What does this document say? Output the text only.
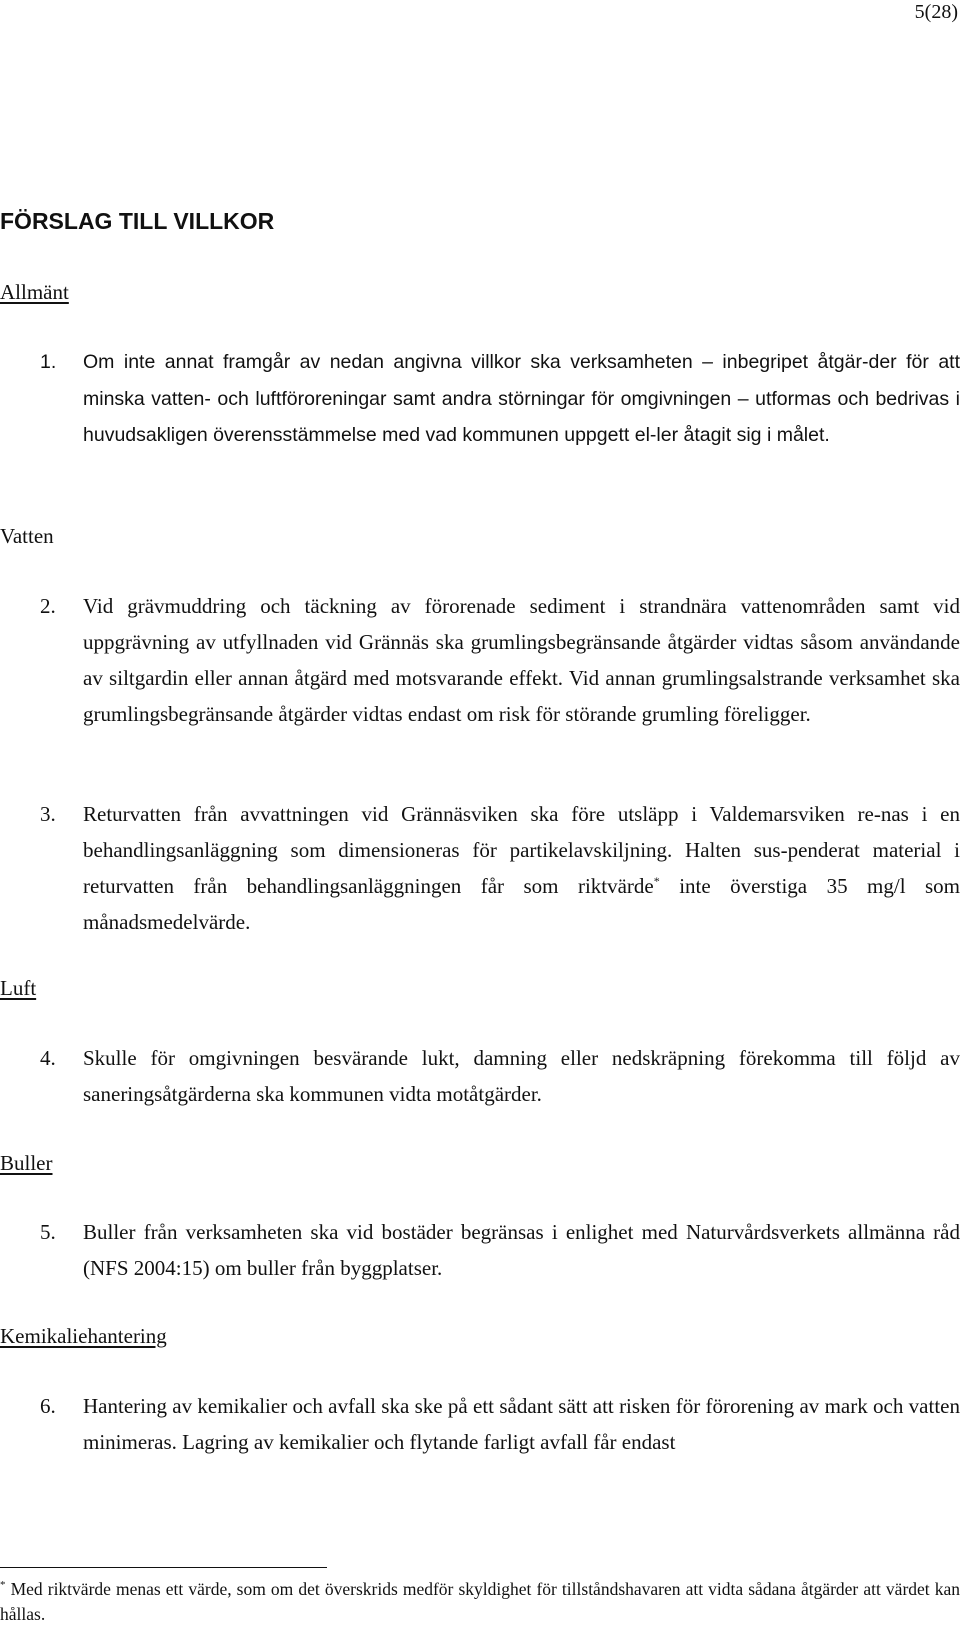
5(28)
FÖRSLAG TILL VILLKOR
Allmänt
1. Om inte annat framgår av nedan angivna villkor ska verksamheten – inbegripet åtgär-der för att minska vatten- och luftföroreningar samt andra störningar för omgivningen – utformas och bedrivas i huvudsakligen överensstämmelse med vad kommunen uppgett el-ler åtagit sig i målet.

Vatten
2. Vid grävmuddring och täckning av förorenade sediment i strandnära vattenområden samt vid uppgrävning av utfyllnaden vid Grännäs ska grumlingsbegränsande åtgärder vidtas såsom användande av siltgardin eller annan åtgärd med motsvarande effekt. Vid annan grumlingsalstrande verksamhet ska grumlingsbegränsande åtgärder vidtas endast om risk för störande grumling föreligger.

3. Returvatten från avvattningen vid Grännäsviken ska före utsläpp i Valdemarsviken re-nas i en behandlingsanläggning som dimensioneras för partikelavskiljning. Halten sus-penderat material i returvatten från behandlingsanläggningen får som riktvärde* inte överstiga 35 mg/l som månadsmedelvärde.

Luft
4. Skulle för omgivningen besvärande lukt, damning eller nedskräpning förekomma till följd av saneringsåtgärderna ska kommunen vidta motåtgärder.

Buller
5. Buller från verksamheten ska vid bostäder begränsas i enlighet med Naturvårdsverkets allmänna råd (NFS 2004:15) om buller från byggplatser.

Kemikaliehantering
6. Hantering av kemikalier och avfall ska ske på ett sådant sätt att risken för förorening av mark och vatten minimeras. Lagring av kemikalier och flytande farligt avfall får endast

* Med riktvärde menas ett värde, som om det överskrids medför skyldighet för tillståndshavaren att vidta sådana åtgärder att värdet kan hållas.
